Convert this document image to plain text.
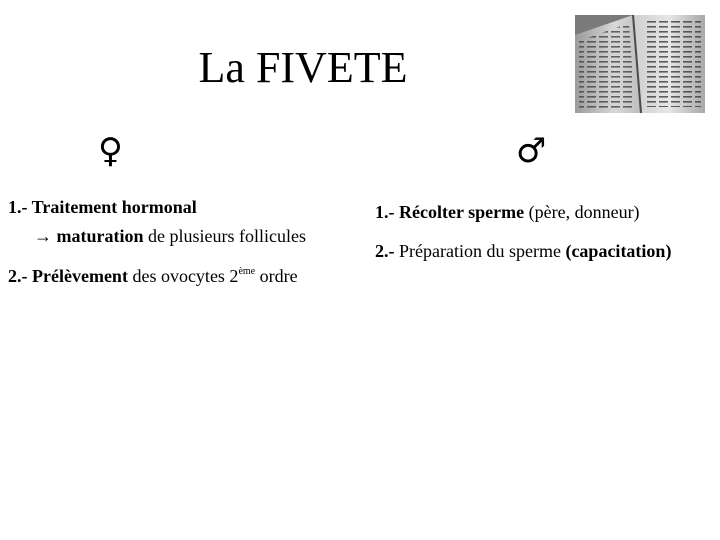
La FIVETE
♀	♂
1.- Traitement hormonal
→ maturation de plusieurs follicules
2.- Prélèvement des ovocytes 2ème ordre
1.- Récolter sperme (père, donneur)
2.- Préparation du sperme (capacitation)
